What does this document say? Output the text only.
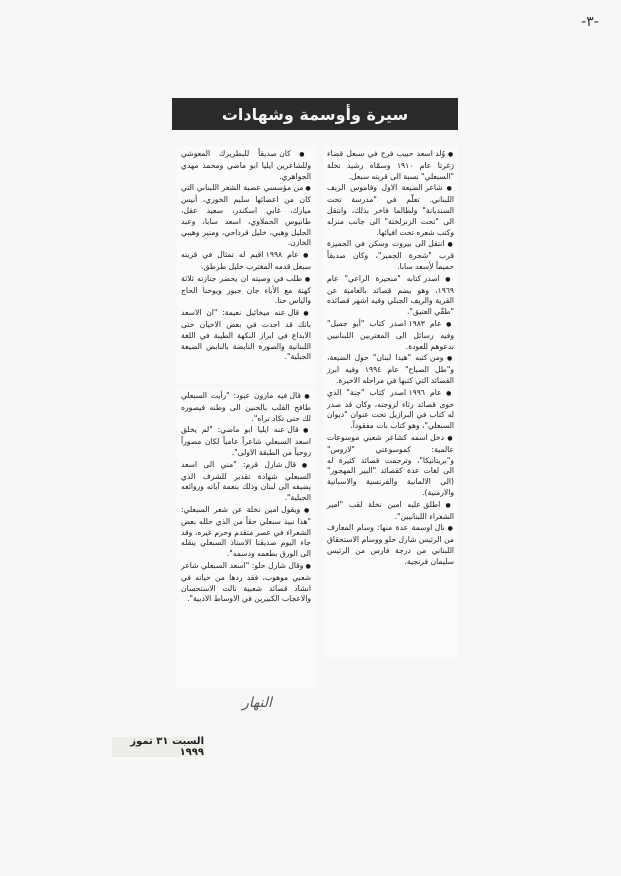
-٣-
سيرة وأوسمة وشهادات

● وُلد اسعد حبيب فرح في سبعل قضاء زغرتا عام ١٩١٠ وسمّاه رشيد نخلة "السبعلي" نسبة الى قريته سبعل.

● شاعر الضيعة الاول وقاموس الريف اللبناني. تعلّم في "مدرسة تحت السنديانة" ولطالما فاخر بذلك، وانتقل الى "تحت الزنزلختة" الى جانب منزله وكتب شعره تحت افيائها.

● انتقل الى بيروت وسكن في الجميزة قرب "شجرة الجميز"، وكان صديقاً حميماً لأسعد سابا.

● اصدر كتابه "منجيرة الراعي" عام ١٩٦٩، وهو يضم قصائد بالعامية عن القرية والريف الجبلي وفيه اشهر قصائده "طقّي العتيق".

● عام ١٩٨٣ اصدر كتاب "أبو جميل" وفيه رسائل الى المغتربين اللبنانيين تدعوهم للعودة.

● ومن كتبه "هيدا لبنان" حول الضيعة، و"طل الصباح" عام ١٩٩٤ وفيه ابرز القصائد التي كتبها في مراحله الاخيرة.

● عام ١٩٩٦ اصدر كتاب "جنة" الذي حوى قصائد رثاء لزوجته، وكان قد صدر له كتاب في البرازيل تحت عنوان "ديوان السبعلي"، وهو كتاب بات مفقوداً.

● دخل اسمه كشاعر شعبي موسوعات عالمية: كموسوعتي "لاروس" و"بريتانيكا"، وترجمت قصائد كثيرة له الى لغات عدة كقصائد "البير المهجور" (الى الالمانية والفرنسية والاسبانية والارمنية).

● اطلق عليه امين نخلة لقب "امير الشعراء اللبنانيين".

● نال اوسمة عدة منها: وسام المعارف من الرئيس شارل حلو ووسام الاستحقاق اللبناني من درجة فارس من الرئيس سليمان فرنجية.

● كان صديقاً للبطريرك المعوشي وللشاعرين ايليا ابو ماضي ومحمد مهدي الجواهري.

● من مؤسسي عصبة الشعر اللبناني التي كان من اعضائها سليم الخوري، أنيس ميارك، غابي اسكندر، سعيد عقل، طانيوس الحملاوي، اسعد سابا، وعبد الجليل وهبي، خليل قرداحي، ومنير وهيبي الخازن.

● عام ١٩٩٨ اقيم له تمثال في قريته سبعل قدمه المغترب خليل طرطق.

● طلب في وصيته ان يحضر جنازته ثلاثة كهنة مع الأباء جان جبور ويوحنا الحاج والياس حنا.

● قال عنه ميخائيل نعيمة: "ان الاسعد بانك قد اجدت في بعض الاحيان حتى الابداع في ابراز النكهة الطيبة في اللغة اللبنانية والصورة النابضة بالنابض الضيعة الجبلية".

● قال فيه مارون عبود: "رأيت السبعلي طافح القلب بالحنين الى وطنه فيصوره لك حتى تكاد تراه".

● قال عنه ايليا ابو ماضي: "لم يخلق اسعد السبعلي شاعراً عامياً لكان مصوراً روحياً من الطبقة الاولى".

● قال شارل قرم: "مني الى اسعد السبعلي شهادة تقدير للشرف الذي يضيفه الى لبنان وذلك بنعمة آياته وروائعه الجبلية".

● ويقول امين نخلة عن شعر السبعلي: "هذا نبيذ سبعلي حقاً من الذي حلله بعض الشعراء في عصر متقدم وحرم غيره، وقد جاء اليوم صديقنا الاستاذ السبعلي ينقله الى الورق بطعمه ودسمه".

● وقال شارل حلو: "اسعد السبعلي شاعر شعبي موهوب، فقد ردها من حياته في انشاد قصائد شعبية نالت الاستحسان والاعجاب الكبيرين في الاوساط الادبية".

النهار
السبت ٣١ تموز ١٩٩٩
